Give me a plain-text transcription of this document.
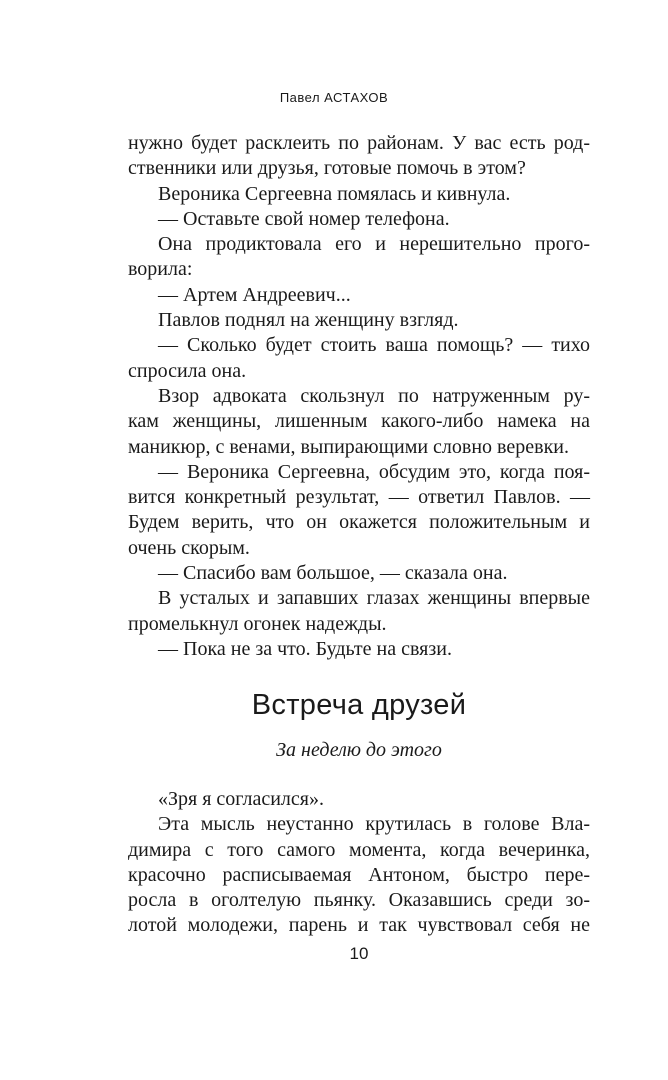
Павел АСТАХОВ
нужно будет расклеить по районам. У вас есть род-
ственники или друзья, готовые помочь в этом?
Вероника Сергеевна помялась и кивнула.
— Оставьте свой номер телефона.
Она продиктовала его и нерешительно прого-
ворила:
— Артем Андреевич...
Павлов поднял на женщину взгляд.
— Сколько будет стоить ваша помощь? — тихо
спросила она.
Взор адвоката скользнул по натруженным ру-
кам женщины, лишенным какого-либо намека на
маникюр, с венами, выпирающими словно веревки.
— Вероника Сергеевна, обсудим это, когда поя-
вится конкретный результат, — ответил Павлов. —
Будем верить, что он окажется положительным и
очень скорым.
— Спасибо вам большое, — сказала она.
В усталых и запавших глазах женщины впервые
промелькнул огонек надежды.
— Пока не за что. Будьте на связи.
Встреча друзей
За неделю до этого
«Зря я согласился».
Эта мысль неустанно крутилась в голове Вла-
димира с того самого момента, когда вечеринка,
красочно расписываемая Антоном, быстро пере-
росла в оголтелую пьянку. Оказавшись среди зо-
лотой молодежи, парень и так чувствовал себя не
10
